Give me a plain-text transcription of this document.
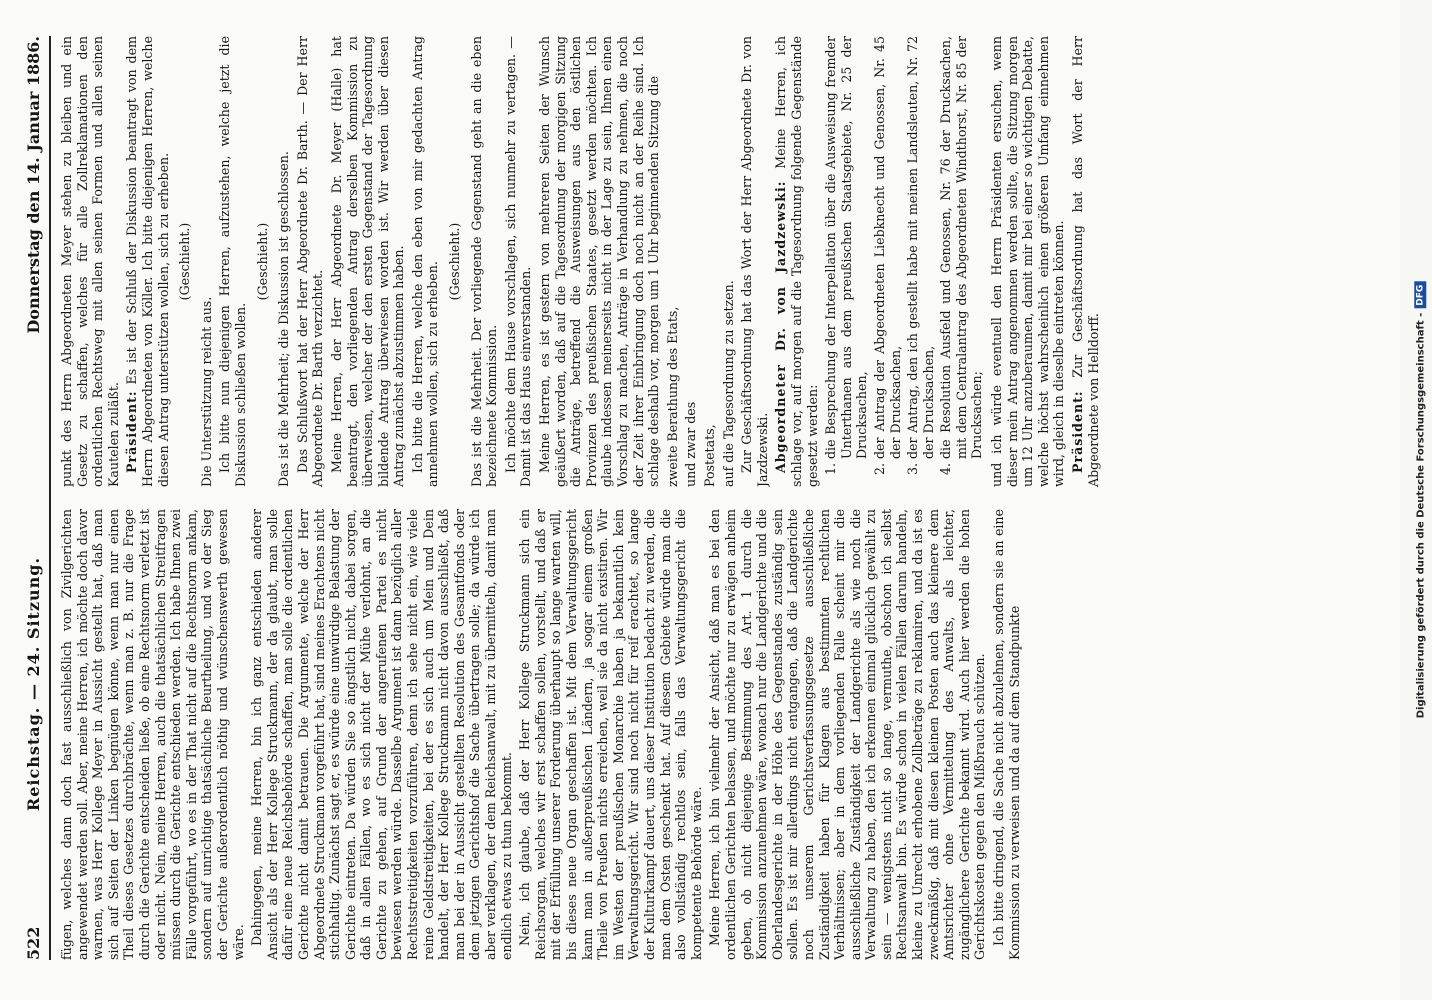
522
Reichstag. — 24. Sitzung.
Donnerstag den 14. Januar 1886.

fügen, welches dann doch fast ausschließlich von Zivilgerichten angewendet werden soll. Aber, meine Herren, ich möchte doch davor warnen, was Herr Kollege Meyer in Aussicht gestellt hat, daß man sich auf Seiten der Linken begnügen könne, wenn man nur einen Theil dieses Gesetzes durchbrächte, wenn man z. B. nur die Frage durch die Gerichte entscheiden ließe, ob eine Rechtsnorm verletzt ist oder nicht. Nein, meine Herren, auch die thatsächlichen Streitfragen müssen durch die Gerichte entschieden werden. Ich habe Ihnen zwei Fälle vorgeführt, wo es in der That nicht auf die Rechtsnorm ankam, sondern auf unrichtige thatsächliche Beurtheilung, und wo der Sieg der Gerichte außerordentlich nöthig und wünschenswerth gewesen wäre. Dahingegen, meine Herren, bin ich ganz entschieden anderer Ansicht als der Herr Kollege Struckmann, der da glaubt, man solle dafür eine neue Reichsbehörde schaffen, man solle die ordentlichen Gerichte nicht damit betrauen. Die Argumente, welche der Herr Abgeordnete Struckmann vorgeführt hat, sind meines Erachtens nicht stichhaltig. Zunächst sagt er, es würde eine unwürdige Belastung der Gerichte eintreten. Da würden Sie so ängstlich nicht, dabei sorgen, daß in allen Fällen, wo es sich nicht der Mühe verlohnt, an die Gerichte zu gehen, auf Grund der angerufenen Partei es nicht bewiesen werden würde. Dasselbe Argument ist dann bezüglich aller Rechtsstreitigkeiten vorzuführen, denn ich sehe nicht ein, wie viele reine Geldstreitigkeiten, bei der es sich auch um Mein und Dein handelt, der Herr Kollege Struckmann nicht davon ausschließt, daß man bei der in Aussicht gestellten Resolution des Gesamtfonds oder dem jetzigen Gerichtshof die Sache übertragen solle; da würde ich aber verklagen, der dem Reichsanwalt, mit zu übermitteln, damit man endlich etwas zu thun bekommt. Nein, ich glaube, daß der Herr Kollege Struckmann sich ein Reichsorgan, welches wir erst schaffen sollen, vorstellt, und daß er mit der Erfüllung unserer Forderung überhaupt so lange warten will, bis dieses neue Organ geschaffen ist. Mit dem Verwaltungsgericht kann man in außerpreußischen Ländern, ja sogar einem großen Theile von Preußen nichts erreichen, weil sie da nicht existiren. Wir im Westen der preußischen Monarchie haben ja bekanntlich kein Verwaltungsgericht. Wir sind noch nicht für reif erachtet, so lange der Kulturkampf dauert, uns dieser Institution bedacht zu werden, die man dem Osten geschenkt hat. Auf diesem Gebiete würde man die also vollständig rechtlos sein, falls das Verwaltungsgericht die kompetente Behörde wäre. Meine Herren, ich bin vielmehr der Ansicht, daß man es bei den ordentlichen Gerichten belassen, und möchte nur zu erwägen anheim geben, ob nicht diejenige Bestimmung des Art. 1 durch die Kommission anzunehmen wäre, wonach nur die Landgerichte und die Oberlandesgerichte in der Höhe des Gegenstandes zuständig sein sollen. Es ist mir allerdings nicht entgangen, daß die Landgerichte noch unserem Gerichtsverfassungsgesetze ausschließliche Zuständigkeit haben für Klagen aus bestimmten rechtlichen Verhältnissen; aber in dem vorliegenden Falle scheint mir die ausschließliche Zuständigkeit der Landgerichte als wie noch die Verwaltung zu haben, den ich erkennen einmal glücklich gewählt zu sein — wenigstens nicht so lange, vermuthe, obschon ich selbst Rechtsanwalt bin. Es würde schon in vielen Fällen darum handeln, kleine zu Unrecht erhobene Zollbeträge zu reklamiren, und da ist es zweckmäßig, daß mit diesen kleinen Posten auch das kleinere dem Amtsrichter ohne Vermittelung des Anwalts, als leichter, zugänglichere Gerichte bekannt wird. Auch hier werden die hohen Gerichtskosten gegen den Mißbrauch schützen. Ich bitte dringend, die Sache nicht abzulehnen, sondern sie an eine Kommission zu verweisen und da auf dem Standpunkte

punkt des Herrn Abgeordneten Meyer stehen zu bleiben und ein Gesetz zu schaffen, welches für alle Zollreklamationen den ordentlichen Rechtsweg mit allen seinen Formen und allen seinen Kautelen zuläßt. Präsident: Es ist der Schluß der Diskussion beantragt von dem Herrn Abgeordneten von Köller. Ich bitte diejenigen Herren, welche diesen Antrag unterstützen wollen, sich zu erheben. (Geschieht.)

Die Unterstützung reicht aus. Ich bitte nun diejenigen Herren, aufzustehen, welche jetzt die Diskussion schließen wollen.

(Geschieht.) Das ist die Mehrheit; die Diskussion ist geschlossen. Das Schlußwort hat der Herr Abgeordnete Dr. Barth. — Der Herr Abgeordnete Dr. Barth verzichtet. Meine Herren, der Herr Abgeordnete Dr. Meyer (Halle) hat beantragt, den vorliegenden Antrag derselben Kommission zu überweisen, welcher der den ersten Gegenstand der Tagesordnung bildende Antrag überwiesen worden ist. Wir werden über diesen Antrag zunächst abzustimmen haben. Ich bitte die Herren, welche den eben von mir gedachten Antrag annehmen wollen, sich zu erheben. (Geschieht.) Das ist die Mehrheit. Der vorliegende Gegenstand geht an die eben bezeichnete Kommission. Ich möchte dem Hause vorschlagen, sich nunmehr zu vertagen. — Damit ist das Haus einverstanden. Meine Herren, es ist gestern von mehreren Seiten der Wunsch geäußert worden, daß auf die Tagesordnung der morgigen Sitzung die Anträge, betreffend die Ausweisungen aus den östlichen Provinzen des preußischen Staates, gesetzt werden möchten. Ich glaube indessen meinerseits nicht in der Lage zu sein, Ihnen einen Vorschlag zu machen, Anträge in Verhandlung zu nehmen, die noch der Zeit ihrer Einbringung doch noch nicht an der Reihe sind. Ich schlage deshalb vor, morgen um 1 Uhr beginnenden Sitzung die zweite Berathung des Etats, und zwar des Postetats, auf die Tagesordnung zu setzen. Zur Geschäftsordnung hat das Wort der Herr Abgeordnete Dr. von Jazdzewski. Abgeordneter Dr. von Jazdzewski: Meine Herren, ich schlage vor, auf morgen auf die Tagesordnung folgende Gegenstände gesetzt werden: 1. die Besprechung der Interpellation über die Ausweisung fremder Unterthanen aus dem preußischen Staatsgebiete, Nr. 25 der Drucksachen, 2. der Antrag der Abgeordneten Liebknecht und Genossen, Nr. 45 der Drucksachen, 3. der Antrag, den ich gestellt habe mit meinen Landsleuten, Nr. 72 der Drucksachen, 4. die Resolution Ausfeld und Genossen, Nr. 76 der Drucksachen, mit dem Centralantrag des Abgeordneten Windthorst, Nr. 85 der Drucksachen; und ich würde eventuell den Herrn Präsidenten ersuchen, wenn dieser mein Antrag angenommen werden sollte, die Sitzung morgen um 12 Uhr anzuberaumen, damit mir bei einer so wichtigen Debatte, welche höchst wahrscheinlich einen größeren Umfang einnehmen wird, gleich in dieselbe eintreten können. Präsident: Zur Geschäftsordnung hat das Wort der Herr Abgeordnete von Helldorff.	Digitalisierung gefördert durch die Deutsche Forschungsgemeinschaft -
DFG
